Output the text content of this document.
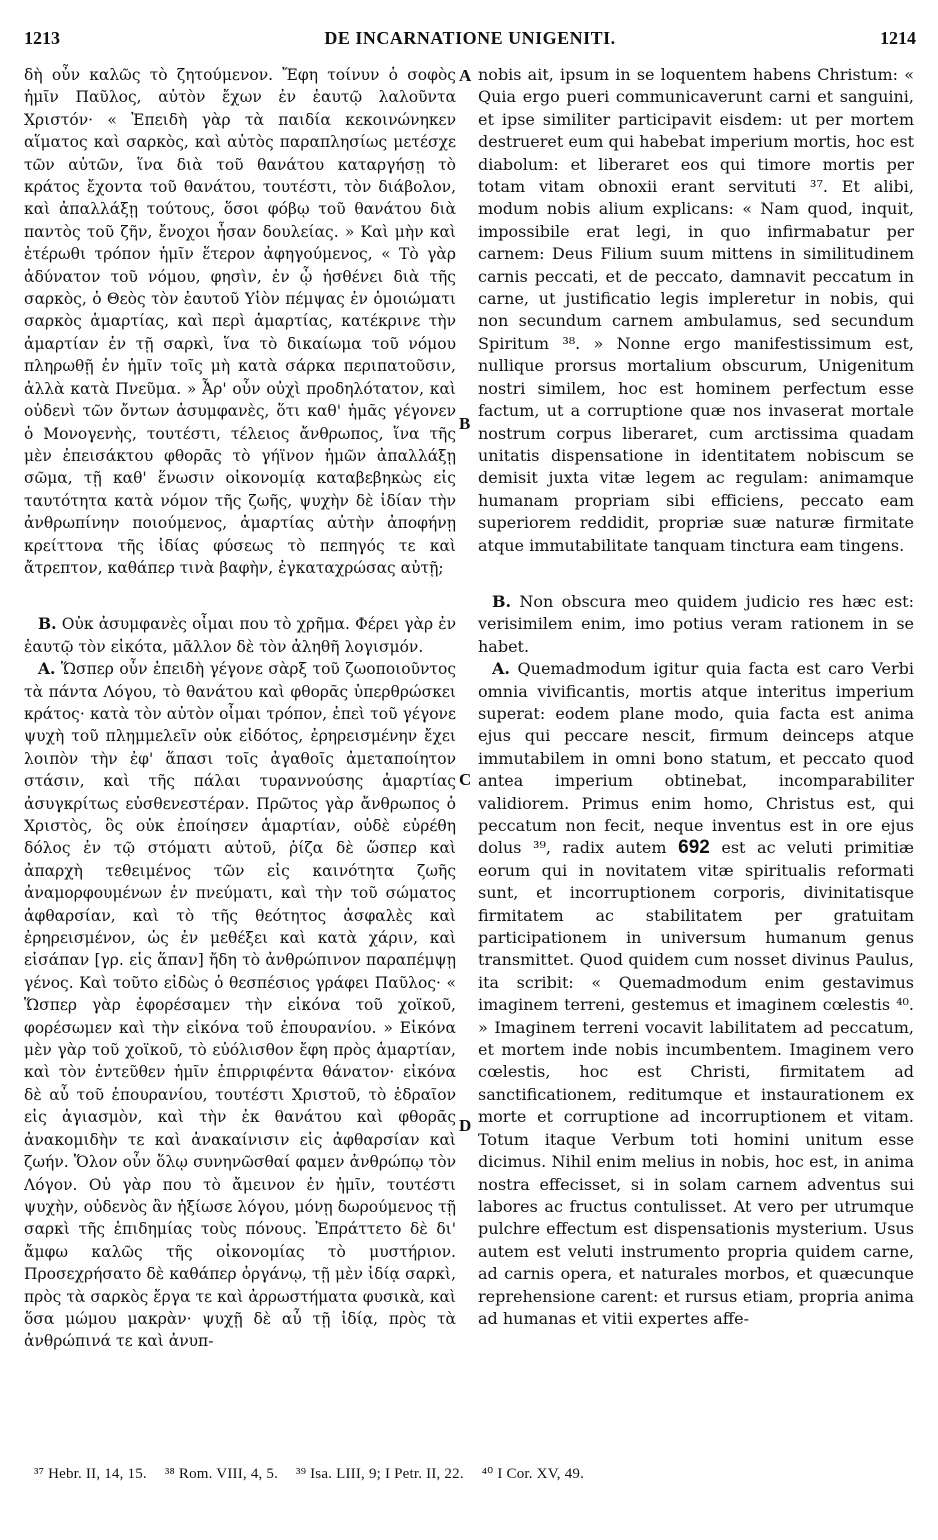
1213	DE INCARNATIONE UNIGENITI.	1214

δὴ οὖν καλῶς τὸ ζητούμενον. Ἔφη τοίνυν ὁ σοφὸς ἡμῖν Παῦλος, αὐτὸν ἔχων ἐν ἑαυτῷ λαλοῦντα Χριστόν· « Ἐπειδὴ γὰρ τὰ παιδία κεκοινώνηκεν αἵματος καὶ σαρκὸς, καὶ αὐτὸς παραπλησίως μετέσχε τῶν αὐτῶν, ἵνα διὰ τοῦ θανάτου καταργήσῃ τὸ κράτος ἔχοντα τοῦ θανάτου, τουτέστι, τὸν διάβολον, καὶ ἀπαλλάξῃ τούτους, ὅσοι φόβῳ τοῦ θανάτου διὰ παντὸς τοῦ ζῆν, ἔνοχοι ἦσαν δουλείας. » Καὶ μὴν καὶ ἑτέρωθι τρόπον ἡμῖν ἕτερον ἀφηγούμενος, « Τὸ γὰρ ἀδύνατον τοῦ νόμου, φησὶν, ἐν ᾧ ἠσθένει διὰ τῆς σαρκὸς, ὁ Θεὸς τὸν ἑαυτοῦ Υἱὸν πέμψας ἐν ὁμοιώματι σαρκὸς ἁμαρτίας, καὶ περὶ ἁμαρτίας, κατέκρινε τὴν ἁμαρτίαν ἐν τῇ σαρκὶ, ἵνα τὸ δικαίωμα τοῦ νόμου πληρωθῇ ἐν ἡμῖν τοῖς μὴ κατὰ σάρκα περιπατοῦσιν, ἀλλὰ κατὰ Πνεῦμα. » Ἆρ' οὖν οὐχὶ προδηλότατον, καὶ οὐδενὶ τῶν ὄντων ἀσυμφανὲς, ὅτι καθ' ἡμᾶς γέγονεν ὁ Μονογενὴς, τουτέστι, τέλειος ἄνθρωπος, ἵνα τῆς μὲν ἐπεισάκτου φθορᾶς τὸ γήϊνον ἡμῶν ἀπαλλάξῃ σῶμα, τῇ καθ' ἕνωσιν οἰκονομίᾳ καταβεβηκὼς εἰς ταυτότητα κατὰ νόμον τῆς ζωῆς, ψυχὴν δὲ ἰδίαν τὴν ἀνθρωπίνην ποιούμενος, ἁμαρτίας αὐτὴν ἀποφήνῃ κρείττονα τῆς ἰδίας φύσεως τὸ πεπηγός τε καὶ ἄτρεπτον, καθάπερ τινὰ βαφὴν, ἐγκαταχρώσας αὐτῇ;

B. Οὐκ ἀσυμφανὲς οἶμαι που τὸ χρῆμα. Φέρει γὰρ ἐν ἑαυτῷ τὸν εἰκότα, μᾶλλον δὲ τὸν ἀληθῆ λογισμόν.

A. Ὥσπερ οὖν ἐπειδὴ γέγονε σὰρξ τοῦ ζωοποιοῦντος τὰ πάντα Λόγου, τὸ θανάτου καὶ φθορᾶς ὑπερθρώσκει κράτος· κατὰ τὸν αὐτὸν οἶμαι τρόπον, ἐπεὶ τοῦ γέγονε ψυχὴ τοῦ πλημμελεῖν οὐκ εἰδότος, ἐρηρεισμένην ἔχει λοιπὸν τὴν ἐφ' ἅπασι τοῖς ἀγαθοῖς ἀμεταποίητον στάσιν, καὶ τῆς πάλαι τυραννούσης ἁμαρτίας ἀσυγκρίτως εὐσθενεστέραν. Πρῶτος γὰρ ἄνθρωπος ὁ Χριστὸς, ὃς οὐκ ἐποίησεν ἁμαρτίαν, οὐδὲ εὑρέθη δόλος ἐν τῷ στόματι αὐτοῦ, ῥίζα δὲ ὥσπερ καὶ ἀπαρχὴ τεθειμένος τῶν εἰς καινότητα ζωῆς ἀναμορφουμένων ἐν πνεύματι, καὶ τὴν τοῦ σώματος ἀφθαρσίαν, καὶ τὸ τῆς θεότητος ἀσφαλὲς καὶ ἐρηρεισμένον, ὡς ἐν μεθέξει καὶ κατὰ χάριν, καὶ εἰσάπαν [γρ. εἰς ἅπαν] ἤδη τὸ ἀνθρώπινον παραπέμψῃ γένος. Καὶ τοῦτο εἰδὼς ὁ θεσπέσιος γράφει Παῦλος· « Ὥσπερ γὰρ ἐφορέσαμεν τὴν εἰκόνα τοῦ χοϊκοῦ, φορέσωμεν καὶ τὴν εἰκόνα τοῦ ἐπουρανίου. » Εἰκόνα μὲν γὰρ τοῦ χοϊκοῦ, τὸ εὐόλισθον ἔφη πρὸς ἁμαρτίαν, καὶ τὸν ἐντεῦθεν ἡμῖν ἐπιρριφέντα θάνατον· εἰκόνα δὲ αὖ τοῦ ἐπουρανίου, τουτέστι Χριστοῦ, τὸ ἑδραῖον εἰς ἁγιασμὸν, καὶ τὴν ἐκ θανάτου καὶ φθορᾶς ἀνακομιδὴν τε καὶ ἀνακαίνισιν εἰς ἀφθαρσίαν καὶ ζωήν. Ὅλον οὖν ὅλῳ συνηνῶσθαί φαμεν ἀνθρώπῳ τὸν Λόγον. Οὐ γὰρ που τὸ ἄμεινον ἐν ἡμῖν, τουτέστι ψυχὴν, οὐδενὸς ἂν ἠξίωσε λόγου, μόνῃ δωρούμενος τῇ σαρκὶ τῆς ἐπιδημίας τοὺς πόνους. Ἐπράττετο δὲ δι' ἄμφω καλῶς τῆς οἰκονομίας τὸ μυστήριον. Προσεχρήσατο δὲ καθάπερ ὀργάνῳ, τῇ μὲν ἰδίᾳ σαρκὶ, πρὸς τὰ σαρκὸς ἔργα τε καὶ ἀρρωστήματα φυσικὰ, καὶ ὅσα μώμου μακρὰν· ψυχῇ δὲ αὖ τῇ ἰδίᾳ, πρὸς τὰ ἀνθρώπινά τε καὶ ἀνυπ-

A
B
C
D

nobis ait, ipsum in se loquentem habens Christum: « Quia ergo pueri communicaverunt carni et sanguini, et ipse similiter participavit eisdem: ut per mortem destrueret eum qui habebat imperium mortis, hoc est diabolum: et liberaret eos qui timore mortis per totam vitam obnoxii erant servituti ³⁷. Et alibi, modum nobis alium explicans: « Nam quod, inquit, impossibile erat legi, in quo infirmabatur per carnem: Deus Filium suum mittens in similitudinem carnis peccati, et de peccato, damnavit peccatum in carne, ut justificatio legis impleretur in nobis, qui non secundum carnem ambulamus, sed secundum Spiritum ³⁸. » Nonne ergo manifestissimum est, nullique prorsus mortalium obscurum, Unigenitum nostri similem, hoc est hominem perfectum esse factum, ut a corruptione quæ nos invaserat mortale nostrum corpus liberaret, cum arctissima quadam unitatis dispensatione in identitatem nobiscum se demisit juxta vitæ legem ac regulam: animamque humanam propriam sibi efficiens, peccato eam superiorem reddidit, propriæ suæ naturæ firmitate atque immutabilitate tanquam tinctura eam tingens.

B. Non obscura meo quidem judicio res hæc est: verisimilem enim, imo potius veram rationem in se habet.

A. Quemadmodum igitur quia facta est caro Verbi omnia vivificantis, mortis atque interitus imperium superat: eodem plane modo, quia facta est anima ejus qui peccare nescit, firmum deinceps atque immutabilem in omni bono statum, et peccato quod antea imperium obtinebat, incomparabiliter validiorem. Primus enim homo, Christus est, qui peccatum non fecit, neque inventus est in ore ejus dolus ³⁹, radix autem 692 est ac veluti primitiæ eorum qui in novitatem vitæ spiritualis reformati sunt, et incorruptionem corporis, divinitatisque firmitatem ac stabilitatem per gratuitam participationem in universum humanum genus transmittet. Quod quidem cum nosset divinus Paulus, ita scribit: « Quemadmodum enim gestavimus imaginem terreni, gestemus et imaginem cœlestis ⁴⁰. » Imaginem terreni vocavit labilitatem ad peccatum, et mortem inde nobis incumbentem. Imaginem vero cœlestis, hoc est Christi, firmitatem ad sanctificationem, reditumque et instaurationem ex morte et corruptione ad incorruptionem et vitam. Totum itaque Verbum toti homini unitum esse dicimus. Nihil enim melius in nobis, hoc est, in anima nostra effecisset, si in solam carnem adventus sui labores ac fructus contulisset. At vero per utrumque pulchre effectum est dispensationis mysterium. Usus autem est veluti instrumento propria quidem carne, ad carnis opera, et naturales morbos, et quæcunque reprehensione carent: et rursus etiam, propria anima ad humanas et vitii expertes affe-

³⁷ Hebr. II, 14, 15. ³⁸ Rom. VIII, 4, 5. ³⁹ Isa. LIII, 9; I Petr. II, 22. ⁴⁰ I Cor. XV, 49.
